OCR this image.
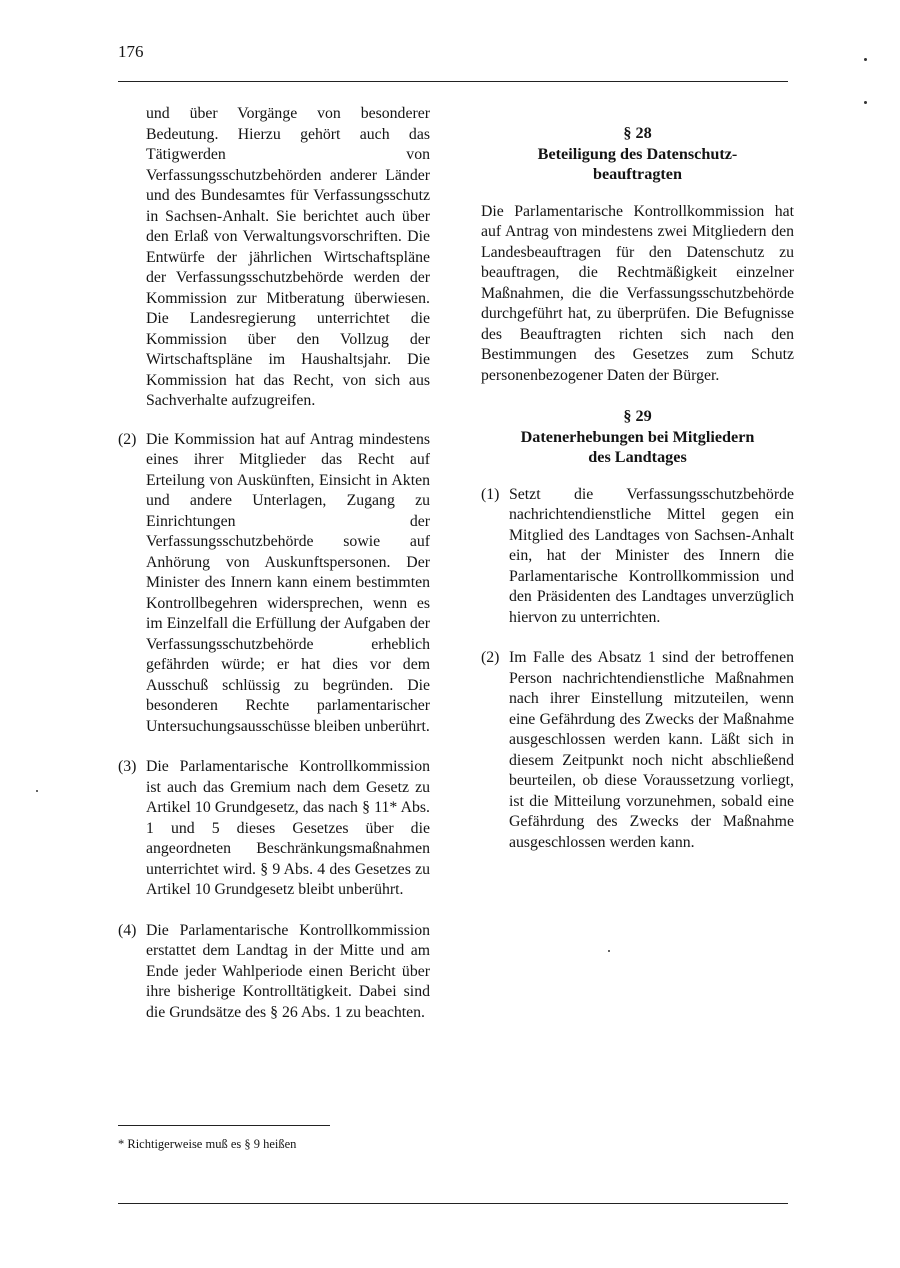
176

und über Vorgänge von besonderer Bedeutung. Hierzu gehört auch das Tätigwerden von Verfassungsschutzbehörden anderer Länder und des Bundesamtes für Verfassungsschutz in Sachsen-Anhalt. Sie berichtet auch über den Erlaß von Verwaltungsvorschriften. Die Entwürfe der jährlichen Wirtschaftspläne der Verfassungsschutzbehörde werden der Kommission zur Mitberatung überwiesen. Die Landesregierung unterrichtet die Kommission über den Vollzug der Wirtschaftspläne im Haushaltsjahr. Die Kommission hat das Recht, von sich aus Sachverhalte aufzugreifen.

(2) Die Kommission hat auf Antrag mindestens eines ihrer Mitglieder das Recht auf Erteilung von Auskünften, Einsicht in Akten und andere Unterlagen, Zugang zu Einrichtungen der Verfassungsschutzbehörde sowie auf Anhörung von Auskunftspersonen. Der Minister des Innern kann einem bestimmten Kontrollbegehren widersprechen, wenn es im Einzelfall die Erfüllung der Aufgaben der Verfassungsschutzbehörde erheblich gefährden würde; er hat dies vor dem Ausschuß schlüssig zu begründen. Die besonderen Rechte parlamentarischer Untersuchungsausschüsse bleiben unberührt.

(3) Die Parlamentarische Kontrollkommission ist auch das Gremium nach dem Gesetz zu Artikel 10 Grundgesetz, das nach § 11* Abs. 1 und 5 dieses Gesetzes über die angeordneten Beschränkungsmaßnahmen unterrichtet wird. § 9 Abs. 4 des Gesetzes zu Artikel 10 Grundgesetz bleibt unberührt.

(4) Die Parlamentarische Kontrollkommission erstattet dem Landtag in der Mitte und am Ende jeder Wahlperiode einen Bericht über ihre bisherige Kontrolltätigkeit. Dabei sind die Grundsätze des § 26 Abs. 1 zu beachten.

§ 28
Beteiligung des Datenschutz-
beauftragten

Die Parlamentarische Kontrollkommission hat auf Antrag von mindestens zwei Mitgliedern den Landesbeauftragen für den Datenschutz zu beauftragen, die Rechtmäßigkeit einzelner Maßnahmen, die die Verfassungsschutzbehörde durchgeführt hat, zu überprüfen. Die Befugnisse des Beauftragten richten sich nach den Bestimmungen des Gesetzes zum Schutz personenbezogener Daten der Bürger.

§ 29
Datenerhebungen bei Mitgliedern
des Landtages
(1) Setzt die Verfassungsschutzbehörde nachrichtendienstliche Mittel gegen ein Mitglied des Landtages von Sachsen-Anhalt ein, hat der Minister des Innern die Parlamentarische Kontrollkommission und den Präsidenten des Landtages unverzüglich hiervon zu unterrichten.

(2) Im Falle des Absatz 1 sind der betroffenen Person nachrichtendienstliche Maßnahmen nach ihrer Einstellung mitzuteilen, wenn eine Gefährdung des Zwecks der Maßnahme ausgeschlossen werden kann. Läßt sich in diesem Zeitpunkt noch nicht abschließend beurteilen, ob diese Voraussetzung vorliegt, ist die Mitteilung vorzunehmen, sobald eine Gefährdung des Zwecks der Maßnahme ausgeschlossen werden kann.

* Richtigerweise muß es § 9 heißen
